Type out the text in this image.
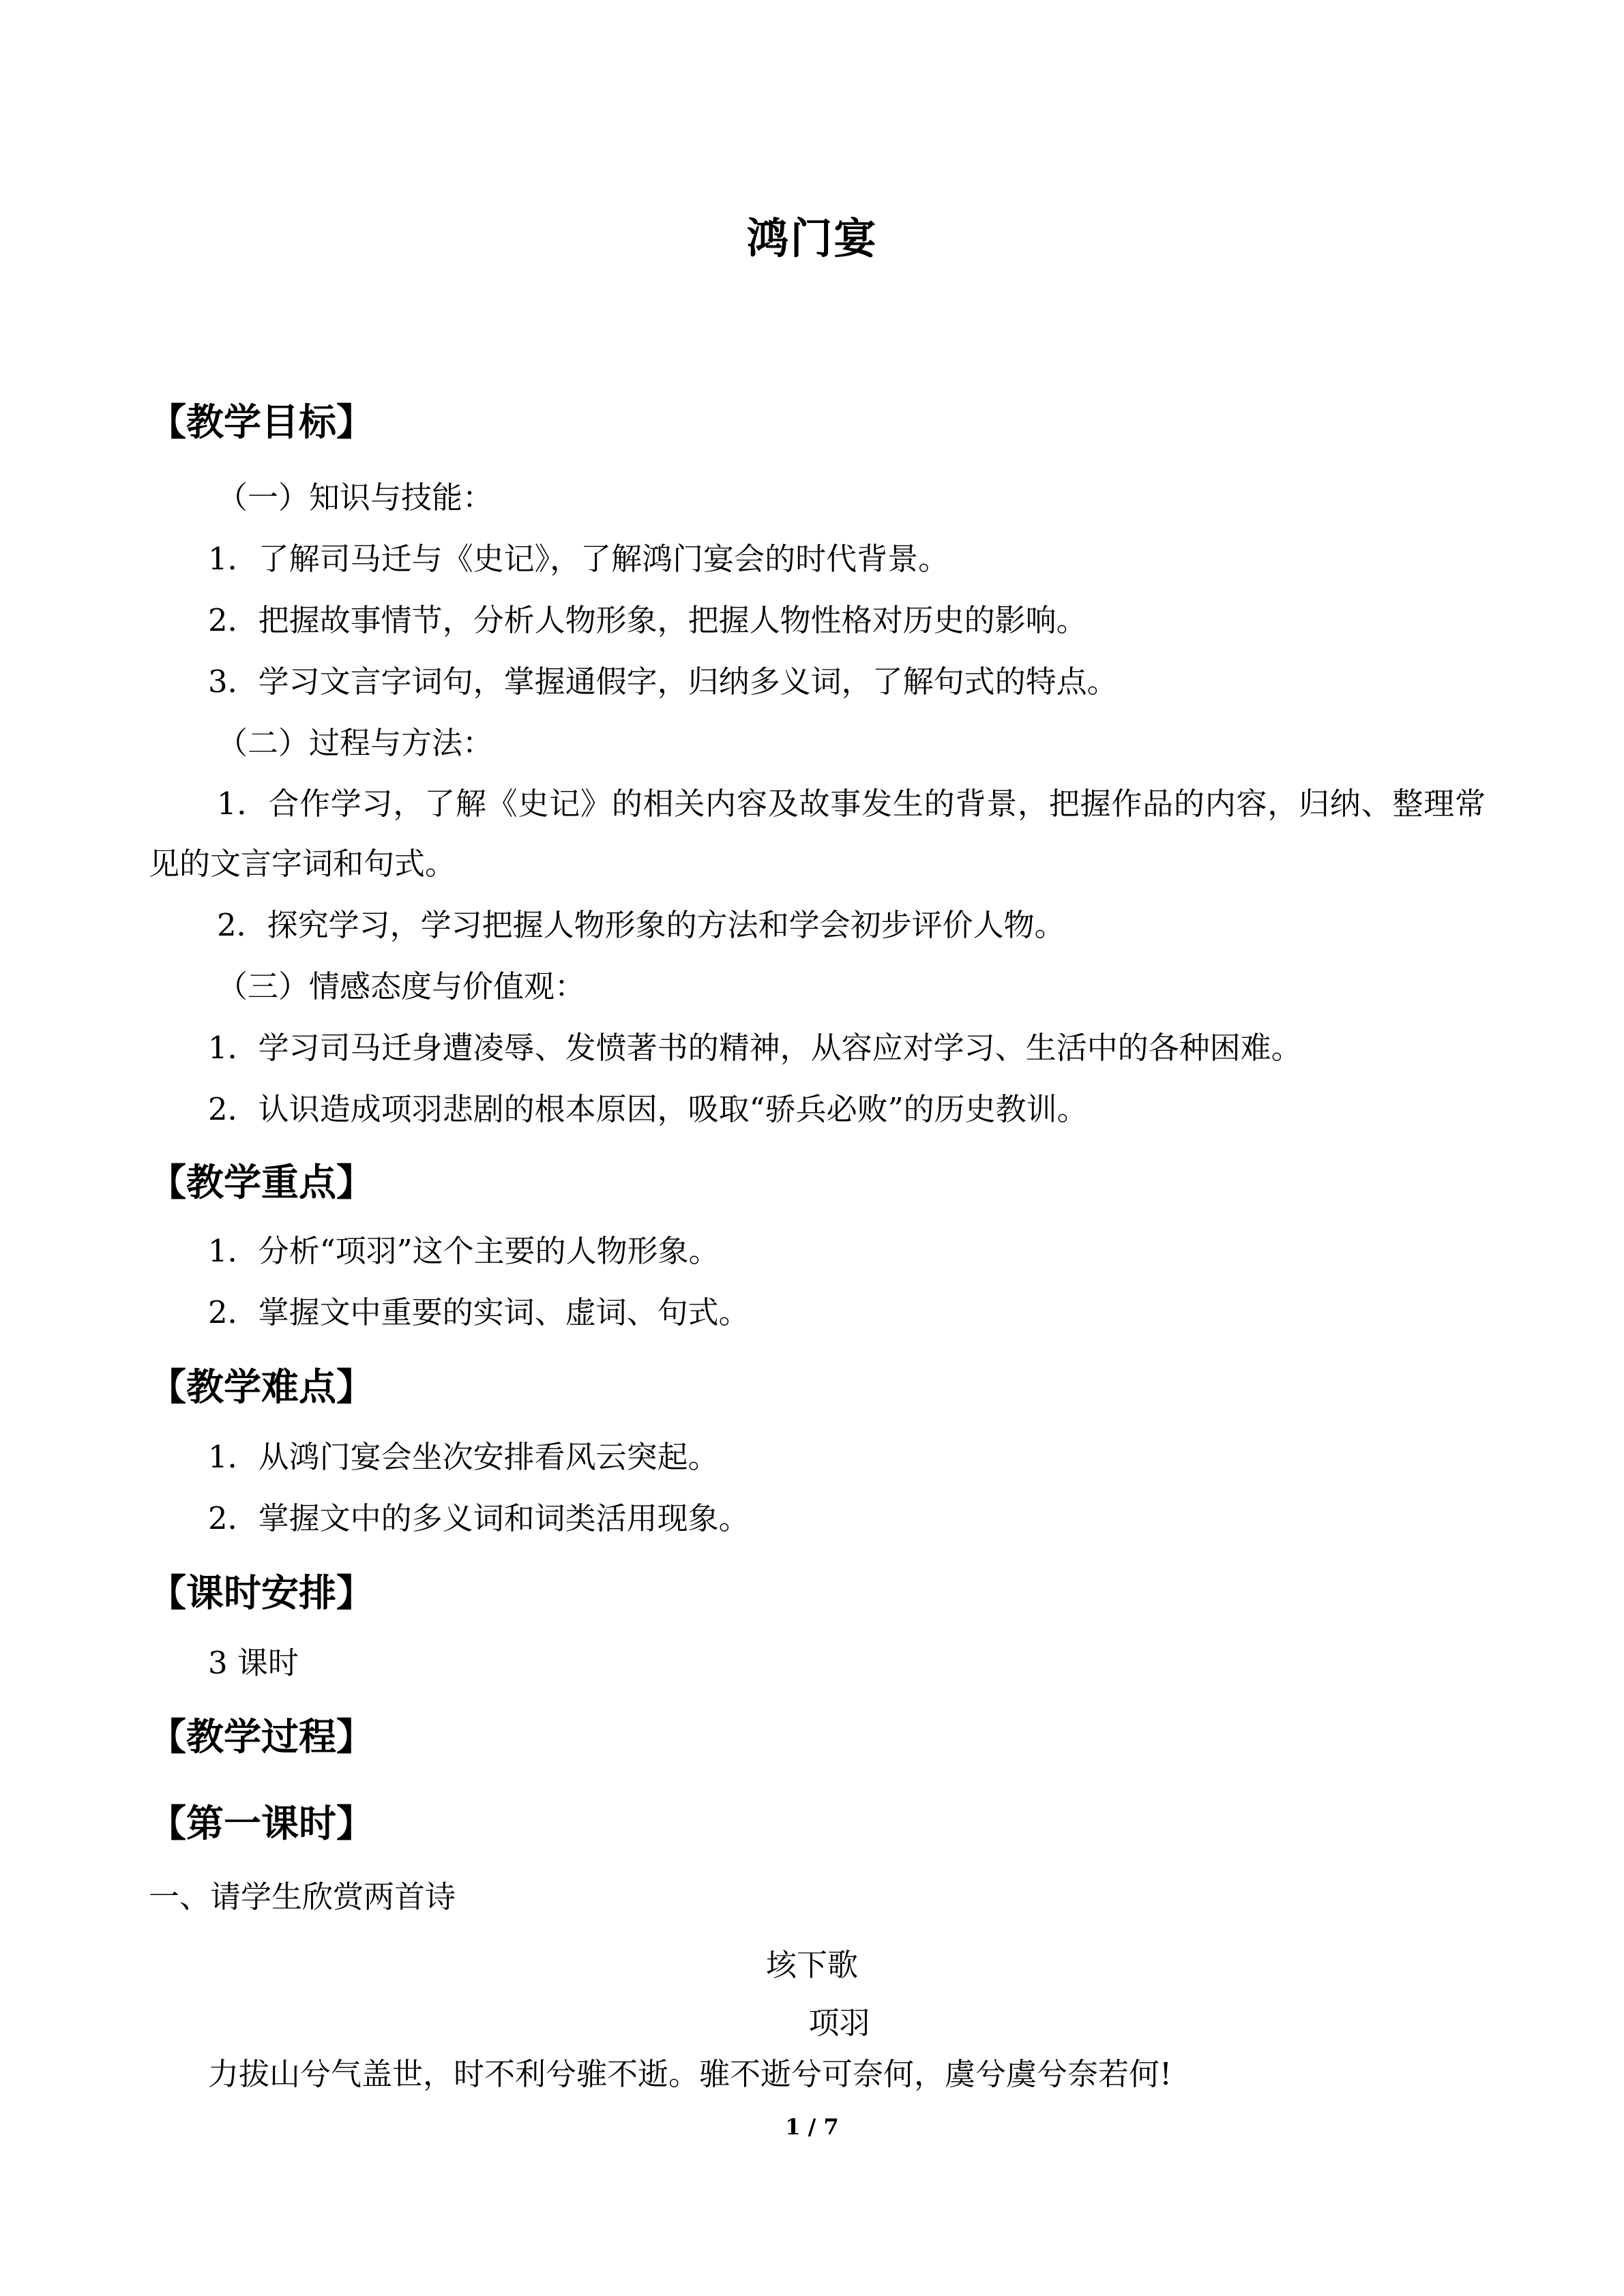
鸿门宴
【教学目标】
（一）知识与技能：
1．了解司马迁与《史记》，了解鸿门宴会的时代背景。
2．把握故事情节，分析人物形象，把握人物性格对历史的影响。
3．学习文言字词句，掌握通假字，归纳多义词，了解句式的特点。
（二）过程与方法：
1．合作学习，了解《史记》的相关内容及故事发生的背景，把握作品的内容，归纳、整理常见的文言字词和句式。
2．探究学习，学习把握人物形象的方法和学会初步评价人物。
（三）情感态度与价值观：
1．学习司马迁身遭凌辱、发愤著书的精神，从容应对学习、生活中的各种困难。
2．认识造成项羽悲剧的根本原因，吸取“骄兵必败”的历史教训。
【教学重点】
1．分析“项羽”这个主要的人物形象。
2．掌握文中重要的实词、虚词、句式。
【教学难点】
1．从鸿门宴会坐次安排看风云突起。
2．掌握文中的多义词和词类活用现象。
【课时安排】
3 课时
【教学过程】
【第一课时】
一、请学生欣赏两首诗
垓下歌
项羽
力拔山兮气盖世，时不利兮骓不逝。骓不逝兮可奈何，虞兮虞兮奈若何!
1 / 7
